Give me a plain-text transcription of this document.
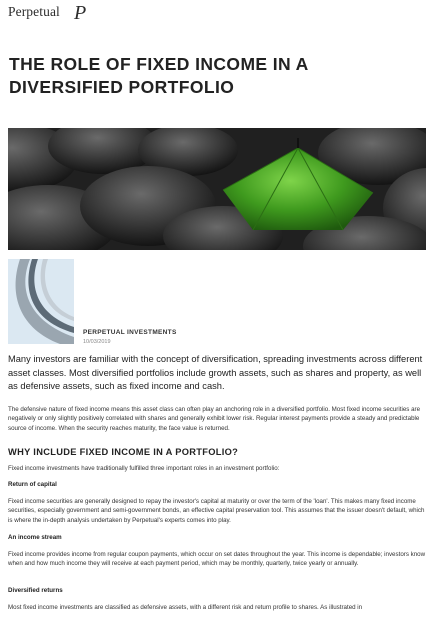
Perpetual P
THE ROLE OF FIXED INCOME IN A
DIVERSIFIED PORTFOLIO
PERPETUAL INVESTMENTS
10/03/2019

Many investors are familiar with the concept of diversification, spreading investments across different asset classes. Most diversified portfolios include growth assets, such as shares and property, as well as defensive assets, such as fixed income and cash.

The defensive nature of fixed income means this asset class can often play an anchoring role in a diversified portfolio. Most fixed income securities are negatively or only slightly positively correlated with shares and generally exhibit lower risk. Regular interest payments provide a steady and predictable source of income. When the security reaches maturity, the face value is returned.

WHY INCLUDE FIXED INCOME IN A PORTFOLIO?

Fixed income investments have traditionally fulfilled three important roles in an investment portfolio:

Return of capital

Fixed income securities are generally designed to repay the investor's capital at maturity or over the term of the 'loan'. This makes many fixed income securities, especially government and semi-government bonds, an effective capital preservation tool. This assumes that the issuer doesn't default, which is where the in-depth analysis undertaken by Perpetual's experts comes into play.

An income stream

Fixed income provides income from regular coupon payments, which occur on set dates throughout the year. This income is dependable; investors know when and how much income they will receive at each payment period, which may be monthly, quarterly, twice yearly or annually.

Diversified returns

Most fixed income investments are classified as defensive assets, with a different risk and return profile to shares. As illustrated in
